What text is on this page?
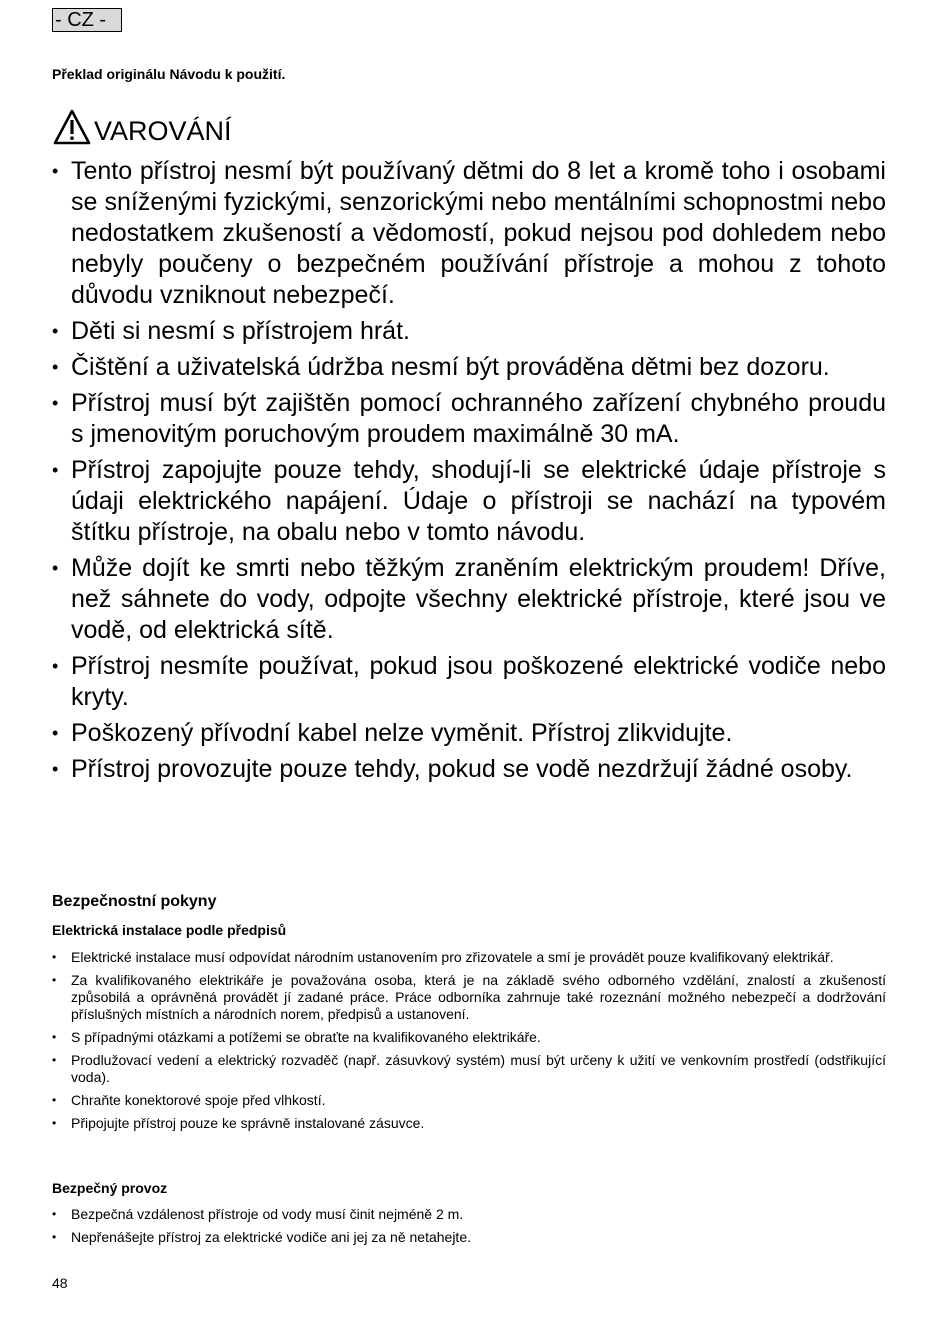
- CZ -
Překlad originálu Návodu k použití.
VAROVÁNÍ
• Tento přístroj nesmí být používaný dětmi do 8 let a kromě toho i osobami se sníženými fyzickými, senzorickými nebo mentálními schopnostmi nebo nedostatkem zkušeností a vědomostí, pokud nejsou pod dohledem nebo nebyly poučeny o bezpečném používání přístroje a mohou z tohoto důvodu vzniknout nebezpečí.
• Děti si nesmí s přístrojem hrát.
• Čištění a uživatelská údržba nesmí být prováděna dětmi bez dozoru.
• Přístroj musí být zajištěn pomocí ochranného zařízení chybného proudu s jmenovitým poruchovým proudem maximálně 30 mA.
• Přístroj zapojujte pouze tehdy, shodují-li se elektrické údaje přístroje s údaji elektrického napájení. Údaje o přístroji se nachází na typovém štítku přístroje, na obalu nebo v tomto návodu.
• Může dojít ke smrti nebo těžkým zraněním elektrickým proudem! Dříve, než sáhnete do vody, odpojte všechny elektrické přístroje, které jsou ve vodě, od elektrická sítě.
• Přístroj nesmíte používat, pokud jsou poškozené elektrické vodiče nebo kryty.
• Poškozený přívodní kabel nelze vyměnit. Přístroj zlikvidujte.
• Přístroj provozujte pouze tehdy, pokud se vodě nezdržují žádné osoby.
Bezpečnostní pokyny
Elektrická instalace podle předpisů
• Elektrické instalace musí odpovídat národním ustanovením pro zřizovatele a smí je provádět pouze kvalifikovaný elektrikář.
• Za kvalifikovaného elektrikáře je považována osoba, která je na základě svého odborného vzdělání, znalostí a zkušeností způsobilá a oprávněná provádět jí zadané práce. Práce odborníka zahrnuje také rozeznání možného nebezpečí a dodržování příslušných místních a národních norem, předpisů a ustanovení.
• S případnými otázkami a potížemi se obraťte na kvalifikovaného elektrikáře.
• Prodlužovací vedení a elektrický rozvaděč (např. zásuvkový systém) musí být určeny k užití ve venkovním prostředí (odstřikující voda).
• Chraňte konektorové spoje před vlhkostí.
• Připojujte přístroj pouze ke správně instalované zásuvce.
Bezpečný provoz
• Bezpečná vzdálenost přístroje od vody musí činit nejméně 2 m.
• Nepřenášejte přístroj za elektrické vodiče ani jej za ně netahejte.
48
